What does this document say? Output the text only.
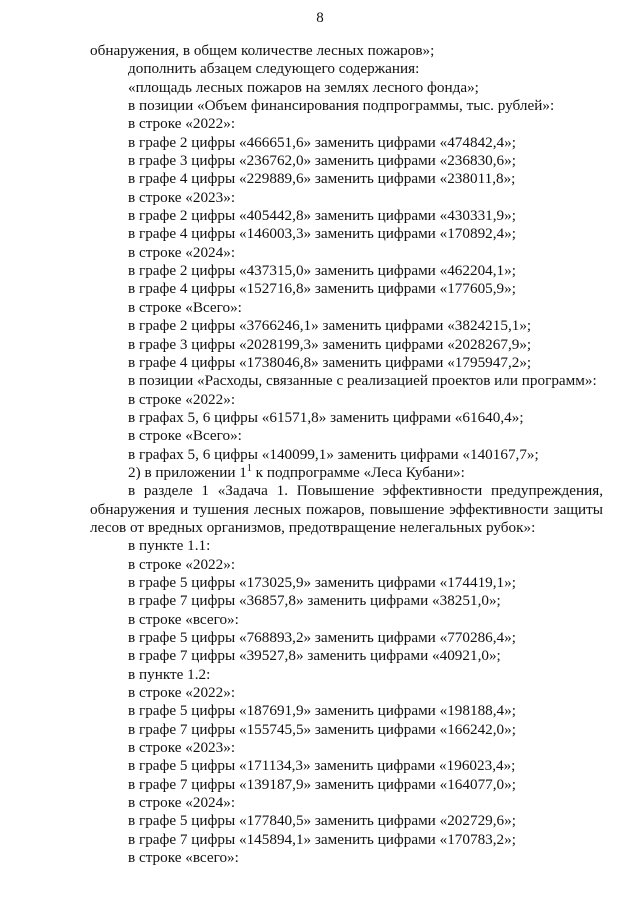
8
обнаружения, в общем количестве лесных пожаров»;
дополнить абзацем следующего содержания:
«площадь лесных пожаров на землях лесного фонда»;
в позиции «Объем финансирования подпрограммы, тыс. рублей»:
в строке «2022»:
в графе 2 цифры «466651,6» заменить цифрами «474842,4»;
в графе 3 цифры «236762,0» заменить цифрами «236830,6»;
в графе 4 цифры «229889,6» заменить цифрами «238011,8»;
в строке «2023»:
в графе 2 цифры «405442,8» заменить цифрами «430331,9»;
в графе 4 цифры «146003,3» заменить цифрами «170892,4»;
в строке «2024»:
в графе 2 цифры «437315,0» заменить цифрами «462204,1»;
в графе 4 цифры «152716,8» заменить цифрами «177605,9»;
в строке «Всего»:
в графе 2 цифры «3766246,1» заменить цифрами «3824215,1»;
в графе 3 цифры «2028199,3» заменить цифрами «2028267,9»;
в графе 4 цифры «1738046,8» заменить цифрами «1795947,2»;
в позиции «Расходы, связанные с реализацией проектов или программ»:
в строке «2022»:
в графах 5, 6 цифры «61571,8» заменить цифрами «61640,4»;
в строке «Всего»:
в графах 5, 6 цифры «140099,1» заменить цифрами «140167,7»;
2) в приложении $1^1$ к подпрограмме «Леса Кубани»:
в разделе 1 «Задача 1. Повышение эффективности предупреждения,
обнаружения и тушения лесных пожаров, повышение эффективности защиты
лесов от вредных организмов, предотвращение нелегальных рубок»:
в пункте 1.1:
в строке «2022»:
в графе 5 цифры «173025,9» заменить цифрами «174419,1»;
в графе 7 цифры «36857,8» заменить цифрами «38251,0»;
в строке «всего»:
в графе 5 цифры «768893,2» заменить цифрами «770286,4»;
в графе 7 цифры «39527,8» заменить цифрами «40921,0»;
в пункте 1.2:
в строке «2022»:
в графе 5 цифры «187691,9» заменить цифрами «198188,4»;
в графе 7 цифры «155745,5» заменить цифрами «166242,0»;
в строке «2023»:
в графе 5 цифры «171134,3» заменить цифрами «196023,4»;
в графе 7 цифры «139187,9» заменить цифрами «164077,0»;
в строке «2024»:
в графе 5 цифры «177840,5» заменить цифрами «202729,6»;
в графе 7 цифры «145894,1» заменить цифрами «170783,2»;
в строке «всего»:
